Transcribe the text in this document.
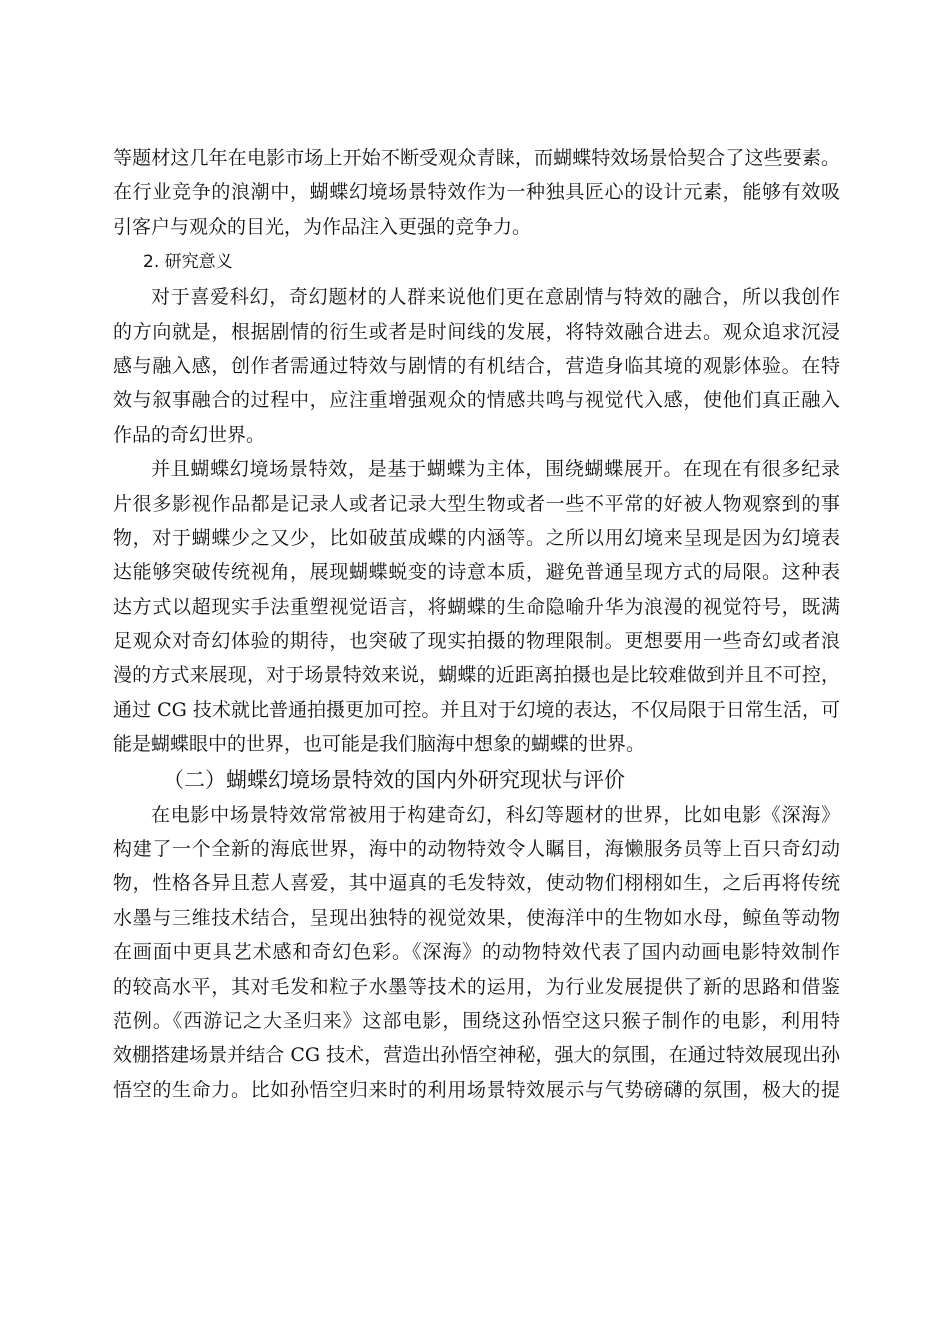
等题材这几年在电影市场上开始不断受观众青睐，而蝴蝶特效场景恰契合了这些要素。
在行业竞争的浪潮中，蝴蝶幻境场景特效作为一种独具匠心的设计元素，能够有效吸
引客户与观众的目光，为作品注入更强的竞争力。
2. 研究意义
对于喜爱科幻，奇幻题材的人群来说他们更在意剧情与特效的融合，所以我创作
的方向就是，根据剧情的衍生或者是时间线的发展，将特效融合进去。观众追求沉浸
感与融入感，创作者需通过特效与剧情的有机结合，营造身临其境的观影体验。在特
效与叙事融合的过程中，应注重增强观众的情感共鸣与视觉代入感，使他们真正融入
作品的奇幻世界。
并且蝴蝶幻境场景特效，是基于蝴蝶为主体，围绕蝴蝶展开。在现在有很多纪录
片很多影视作品都是记录人或者记录大型生物或者一些不平常的好被人物观察到的事
物，对于蝴蝶少之又少，比如破茧成蝶的内涵等。之所以用幻境来呈现是因为幻境表
达能够突破传统视角，展现蝴蝶蜕变的诗意本质，避免普通呈现方式的局限。这种表
达方式以超现实手法重塑视觉语言，将蝴蝶的生命隐喻升华为浪漫的视觉符号，既满
足观众对奇幻体验的期待，也突破了现实拍摄的物理限制。更想要用一些奇幻或者浪
漫的方式来展现，对于场景特效来说，蝴蝶的近距离拍摄也是比较难做到并且不可控，
通过 CG 技术就比普通拍摄更加可控。并且对于幻境的表达，不仅局限于日常生活，可
能是蝴蝶眼中的世界，也可能是我们脑海中想象的蝴蝶的世界。
（二）蝴蝶幻境场景特效的国内外研究现状与评价
在电影中场景特效常常被用于构建奇幻，科幻等题材的世界，比如电影《深海》
构建了一个全新的海底世界，海中的动物特效令人瞩目，海懒服务员等上百只奇幻动
物，性格各异且惹人喜爱，其中逼真的毛发特效，使动物们栩栩如生，之后再将传统
水墨与三维技术结合，呈现出独特的视觉效果，使海洋中的生物如水母，鲸鱼等动物
在画面中更具艺术感和奇幻色彩。《深海》的动物特效代表了国内动画电影特效制作
的较高水平，其对毛发和粒子水墨等技术的运用，为行业发展提供了新的思路和借鉴
范例。《西游记之大圣归来》这部电影，围绕这孙悟空这只猴子制作的电影，利用特
效棚搭建场景并结合 CG 技术，营造出孙悟空神秘，强大的氛围，在通过特效展现出孙
悟空的生命力。比如孙悟空归来时的利用场景特效展示与气势磅礴的氛围，极大的提
